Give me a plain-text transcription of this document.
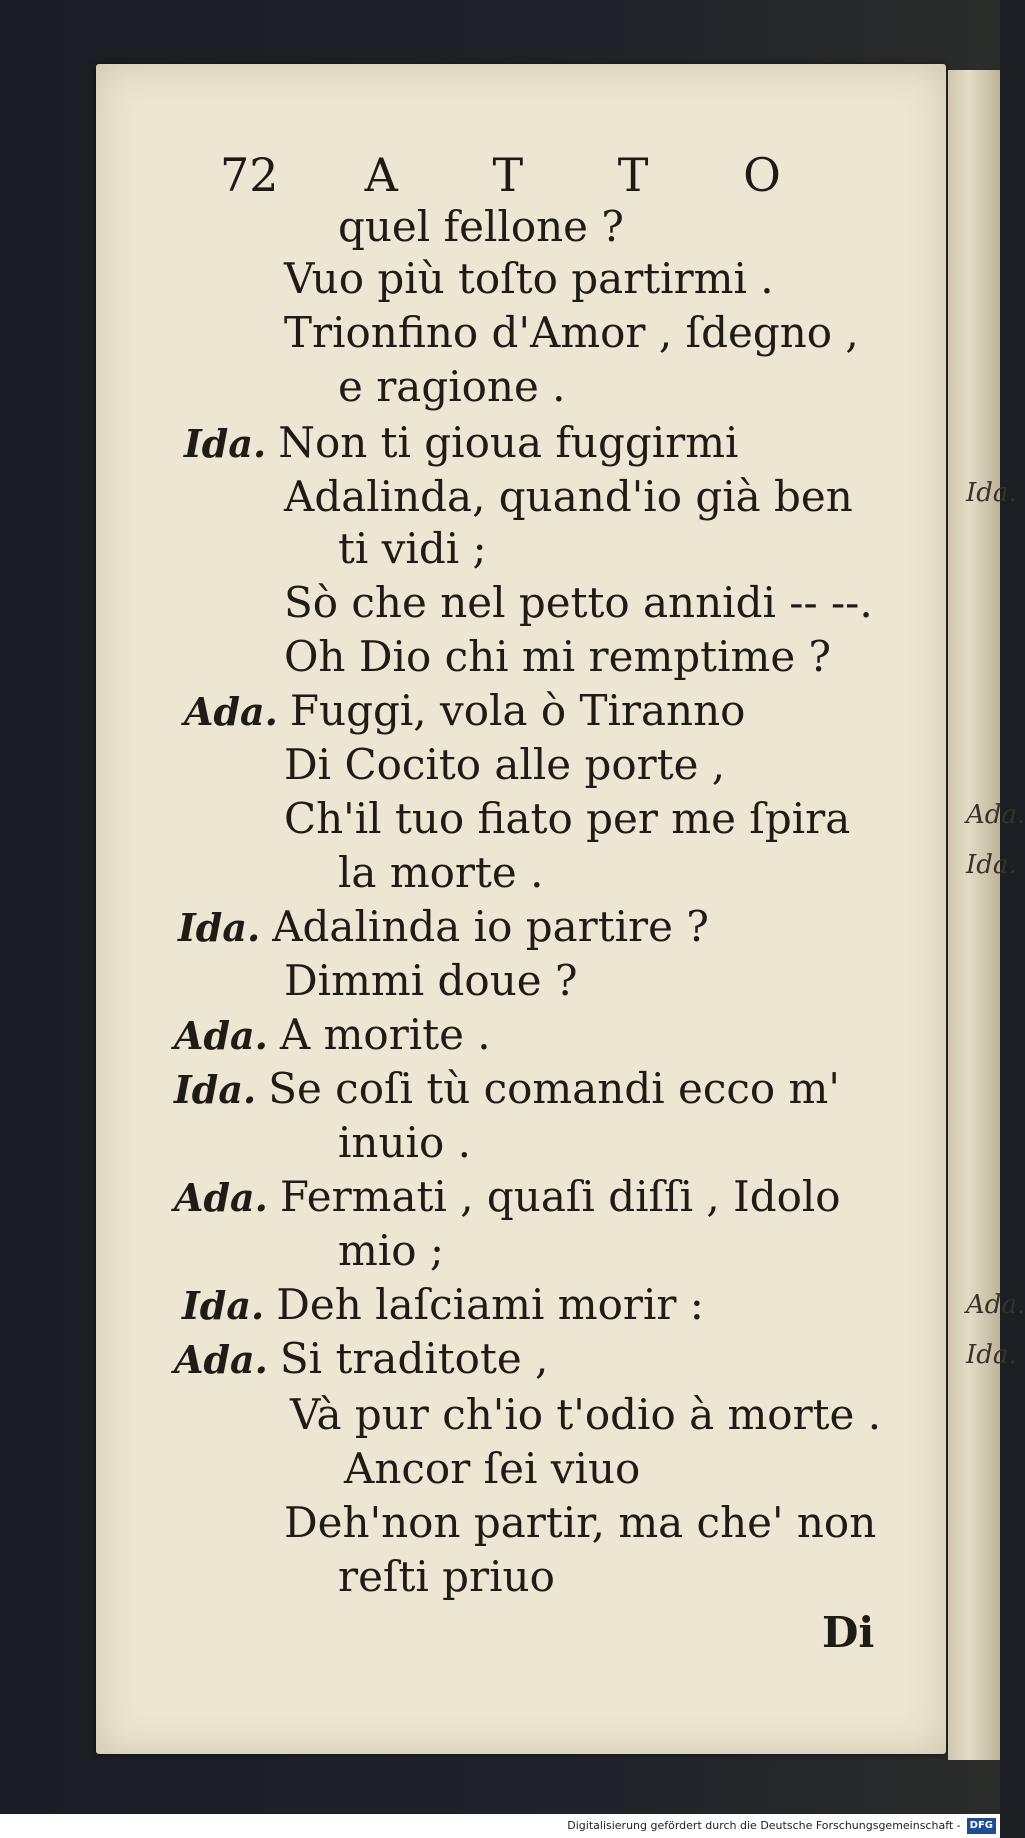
Ida.
Ada.
Ida.
Ada.
Ida.
72 A T T O
quel fellone ?
Vuo più toſto partirmi .
Trionfino d'Amor , ſdegno ,
e ragione .
Ida. Non ti gioua fuggirmi
Adalinda, quand'io già ben
ti vidi ;
Sò che nel petto annidi -- --.
Oh Dio chi mi remptime ?
Ada. Fuggi, vola ò Tiranno
Di Cocito alle porte ,
Ch'il tuo fiato per me ſpira
la morte .
Ida. Adalinda io partire ?
Dimmi doue ?
Ada. A morite .
Ida. Se coſi tù comandi ecco m'
inuio .
Ada. Fermati , quaſi diſſi , Idolo
mio ;
Ida. Deh laſciami morir :
Ada. Si traditote ,
Và pur ch'io t'odio à morte .
Ancor ſei viuo
Deh'non partir, ma che' non
reſti priuo
Di
Digitalisierung gefördert durch die Deutsche Forschungsgemeinschaft - DFG
